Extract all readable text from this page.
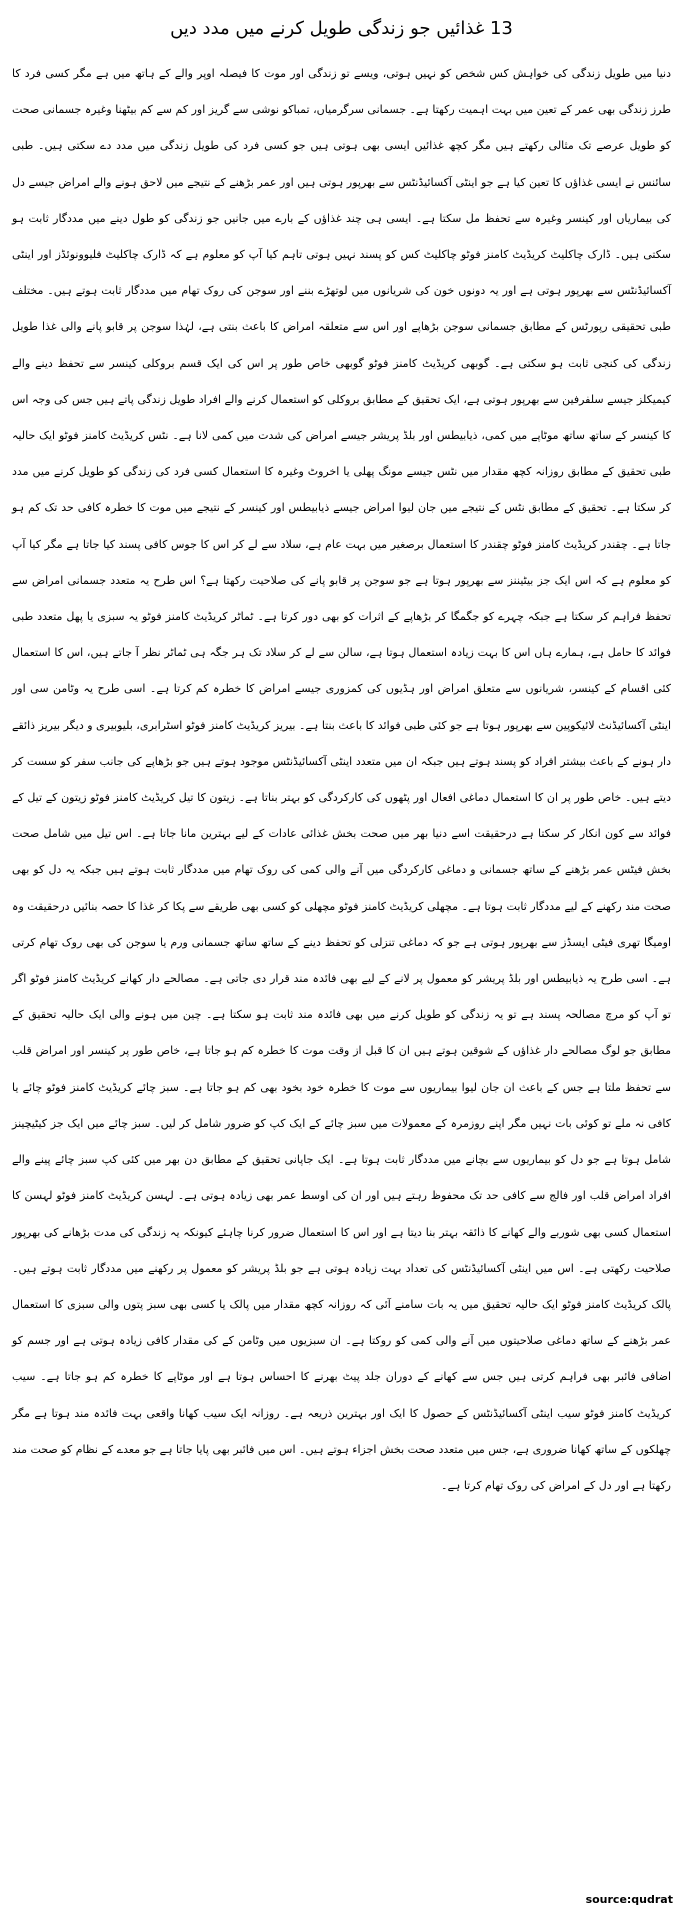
13 غذائیں جو زندگی طویل کرنے میں مدد دیں

دنیا میں طویل زندگی کی خواہش کس شخص کو نہیں ہوتی، ویسے تو زندگی اور موت کا فیصلہ اوپر والے کے ہاتھ میں ہے مگر کسی فرد کا طرز زندگی بھی عمر کے تعین میں بہت اہمیت رکھتا ہے۔ جسمانی سرگرمیاں، تمباکو نوشی سے گریز اور کم سے کم بیٹھنا وغیرہ جسمانی صحت کو طویل عرصے تک مثالی رکھتے ہیں مگر کچھ غذائیں ایسی بھی ہوتی ہیں جو کسی فرد کی طویل زندگی میں مدد دے سکتی ہیں۔ طبی سائنس نے ایسی غذاؤں کا تعین کیا ہے جو اینٹی آکسائیڈنٹس سے بھرپور ہوتی ہیں اور عمر بڑھنے کے نتیجے میں لاحق ہونے والے امراض جیسے دل کی بیماریاں اور کینسر وغیرہ سے تحفظ مل سکتا ہے۔ ایسی ہی چند غذاؤں کے بارے میں جانیں جو زندگی کو طول دینے میں مددگار ثابت ہو سکتی ہیں۔ ڈارک چاکلیٹ کریڈیٹ کامنز فوٹو چاکلیٹ کس کو پسند نہیں ہوتی تاہم کیا آپ کو معلوم ہے کہ ڈارک چاکلیٹ فلیوونوئڈز اور اینٹی آکسائیڈنٹس سے بھرپور ہوتی ہے اور یہ دونوں خون کی شریانوں میں لوتھڑے بننے اور سوجن کی روک تھام میں مددگار ثابت ہوتے ہیں۔ مختلف طبی تحقیقی رپورٹس کے مطابق جسمانی سوجن بڑھاپے اور اس سے متعلقہ امراض کا باعث بنتی ہے، لہٰذا سوجن پر قابو پانے والی غذا طویل زندگی کی کنجی ثابت ہو سکتی ہے۔ گوبھی کریڈیٹ کامنز فوٹو گوبھی خاص طور پر اس کی ایک قسم بروکلی کینسر سے تحفظ دینے والے کیمیکلز جیسے سلفرفین سے بھرپور ہوتی ہے، ایک تحقیق کے مطابق بروکلی کو استعمال کرنے والے افراد طویل زندگی پاتے ہیں جس کی وجہ اس کا کینسر کے ساتھ ساتھ موٹاپے میں کمی، ذیابیطس اور بلڈ پریشر جیسے امراض کی شدت میں کمی لانا ہے۔ نٹس کریڈیٹ کامنز فوٹو ایک حالیہ طبی تحقیق کے مطابق روزانہ کچھ مقدار میں نٹس جیسے مونگ پھلی یا اخروٹ وغیرہ کا استعمال کسی فرد کی زندگی کو طویل کرنے میں مدد کر سکتا ہے۔ تحقیق کے مطابق نٹس کے نتیجے میں جان لیوا امراض جیسے ذیابیطس اور کینسر کے نتیجے میں موت کا خطرہ کافی حد تک کم ہو جاتا ہے۔ چقندر کریڈیٹ کامنز فوٹو چقندر کا استعمال برصغیر میں بہت عام ہے، سلاد سے لے کر اس کا جوس کافی پسند کیا جاتا ہے مگر کیا آپ کو معلوم ہے کہ اس ایک جز بیٹیننز سے بھرپور ہوتا ہے جو سوجن پر قابو پانے کی صلاحیت رکھتا ہے؟ اس طرح یہ متعدد جسمانی امراض سے تحفظ فراہم کر سکتا ہے جبکہ چہرے کو جگمگا کر بڑھاپے کے اثرات کو بھی دور کرتا ہے۔ ٹماٹر کریڈیٹ کامنز فوٹو یہ سبزی یا پھل متعدد طبی فوائد کا حامل ہے، ہمارے ہاں اس کا بہت زیادہ استعمال ہوتا ہے، سالن سے لے کر سلاد تک ہر جگہ ہی ٹماٹر نظر آ جاتے ہیں، اس کا استعمال کئی اقسام کے کینسر، شریانوں سے متعلق امراض اور ہڈیوں کی کمزوری جیسے امراض کا خطرہ کم کرتا ہے۔ اسی طرح یہ وٹامن سی اور اینٹی آکسائیڈنٹ لائیکوپین سے بھرپور ہوتا ہے جو کئی طبی فوائد کا باعث بنتا ہے۔ بیریز کریڈیٹ کامنز فوٹو اسٹرابری، بلیوبیری و دیگر بیریز ذائقے دار ہونے کے باعث بیشتر افراد کو پسند ہوتے ہیں جبکہ ان میں متعدد اینٹی آکسائیڈنٹس موجود ہوتے ہیں جو بڑھاپے کی جانب سفر کو سست کر دیتے ہیں۔ خاص طور پر ان کا استعمال دماغی افعال اور پٹھوں کی کارکردگی کو بہتر بناتا ہے۔ زیتون کا تیل کریڈیٹ کامنز فوٹو زیتون کے تیل کے فوائد سے کون انکار کر سکتا ہے درحقیقت اسے دنیا بھر میں صحت بخش غذائی عادات کے لیے بہترین مانا جاتا ہے۔ اس تیل میں شامل صحت بخش فیٹس عمر بڑھنے کے ساتھ جسمانی و دماغی کارکردگی میں آنے والی کمی کی روک تھام میں مددگار ثابت ہوتے ہیں جبکہ یہ دل کو بھی صحت مند رکھنے کے لیے مددگار ثابت ہوتا ہے۔ مچھلی کریڈیٹ کامنز فوٹو مچھلی کو کسی بھی طریقے سے پکا کر غذا کا حصہ بنائیں درحقیقت وہ اومیگا تھری فیٹی ایسڈز سے بھرپور ہوتی ہے جو کہ دماغی تنزلی کو تحفظ دینے کے ساتھ ساتھ جسمانی ورم یا سوجن کی بھی روک تھام کرتی ہے۔ اسی طرح یہ ذیابیطس اور بلڈ پریشر کو معمول پر لانے کے لیے بھی فائدہ مند قرار دی جاتی ہے۔ مصالحے دار کھانے کریڈیٹ کامنز فوٹو اگر تو آپ کو مرچ مصالحہ پسند ہے تو یہ زندگی کو طویل کرنے میں بھی فائدہ مند ثابت ہو سکتا ہے۔ چین میں ہونے والی ایک حالیہ تحقیق کے مطابق جو لوگ مصالحے دار غذاؤں کے شوقین ہوتے ہیں ان کا قبل از وقت موت کا خطرہ کم ہو جاتا ہے، خاص طور پر کینسر اور امراض قلب سے تحفظ ملتا ہے جس کے باعث ان جان لیوا بیماریوں سے موت کا خطرہ خود بخود بھی کم ہو جاتا ہے۔ سبز چائے کریڈیٹ کامنز فوٹو چائے یا کافی نہ ملے تو کوئی بات نہیں مگر اپنے روزمرہ کے معمولات میں سبز چائے کے ایک کپ کو ضرور شامل کر لیں۔ سبز چائے میں ایک جز کیٹیچینز شامل ہوتا ہے جو دل کو بیماریوں سے بچانے میں مددگار ثابت ہوتا ہے۔ ایک جاپانی تحقیق کے مطابق دن بھر میں کئی کپ سبز چائے پینے والے افراد امراض قلب اور فالج سے کافی حد تک محفوظ رہتے ہیں اور ان کی اوسط عمر بھی زیادہ ہوتی ہے۔ لہسن کریڈیٹ کامنز فوٹو لہسن کا استعمال کسی بھی شوربے والے کھانے کا ذائقہ بہتر بنا دیتا ہے اور اس کا استعمال ضرور کرنا چاہئے کیونکہ یہ زندگی کی مدت بڑھانے کی بھرپور صلاحیت رکھتی ہے۔ اس میں اینٹی آکسائیڈنٹس کی تعداد بہت زیادہ ہوتی ہے جو بلڈ پریشر کو معمول پر رکھنے میں مددگار ثابت ہوتے ہیں۔ پالک کریڈیٹ کامنز فوٹو ایک حالیہ تحقیق میں یہ بات سامنے آئی کہ روزانہ کچھ مقدار میں پالک یا کسی بھی سبز پتوں والی سبزی کا استعمال عمر بڑھنے کے ساتھ دماغی صلاحیتوں میں آنے والی کمی کو روکتا ہے۔ ان سبزیوں میں وٹامن کے کی مقدار کافی زیادہ ہوتی ہے اور جسم کو اضافی فائبر بھی فراہم کرتی ہیں جس سے کھانے کے دوران جلد پیٹ بھرنے کا احساس ہوتا ہے اور موٹاپے کا خطرہ کم ہو جاتا ہے۔ سیب کریڈیٹ کامنز فوٹو سیب اینٹی آکسائیڈنٹس کے حصول کا ایک اور بہترین ذریعہ ہے۔ روزانہ ایک سیب کھانا واقعی بہت فائدہ مند ہوتا ہے مگر چھلکوں کے ساتھ کھانا ضروری ہے، جس میں متعدد صحت بخش اجزاء ہوتے ہیں۔ اس میں فائبر بھی پایا جاتا ہے جو معدے کے نظام کو صحت مند رکھتا ہے اور دل کے امراض کی روک تھام کرتا ہے۔

source:qudrat
